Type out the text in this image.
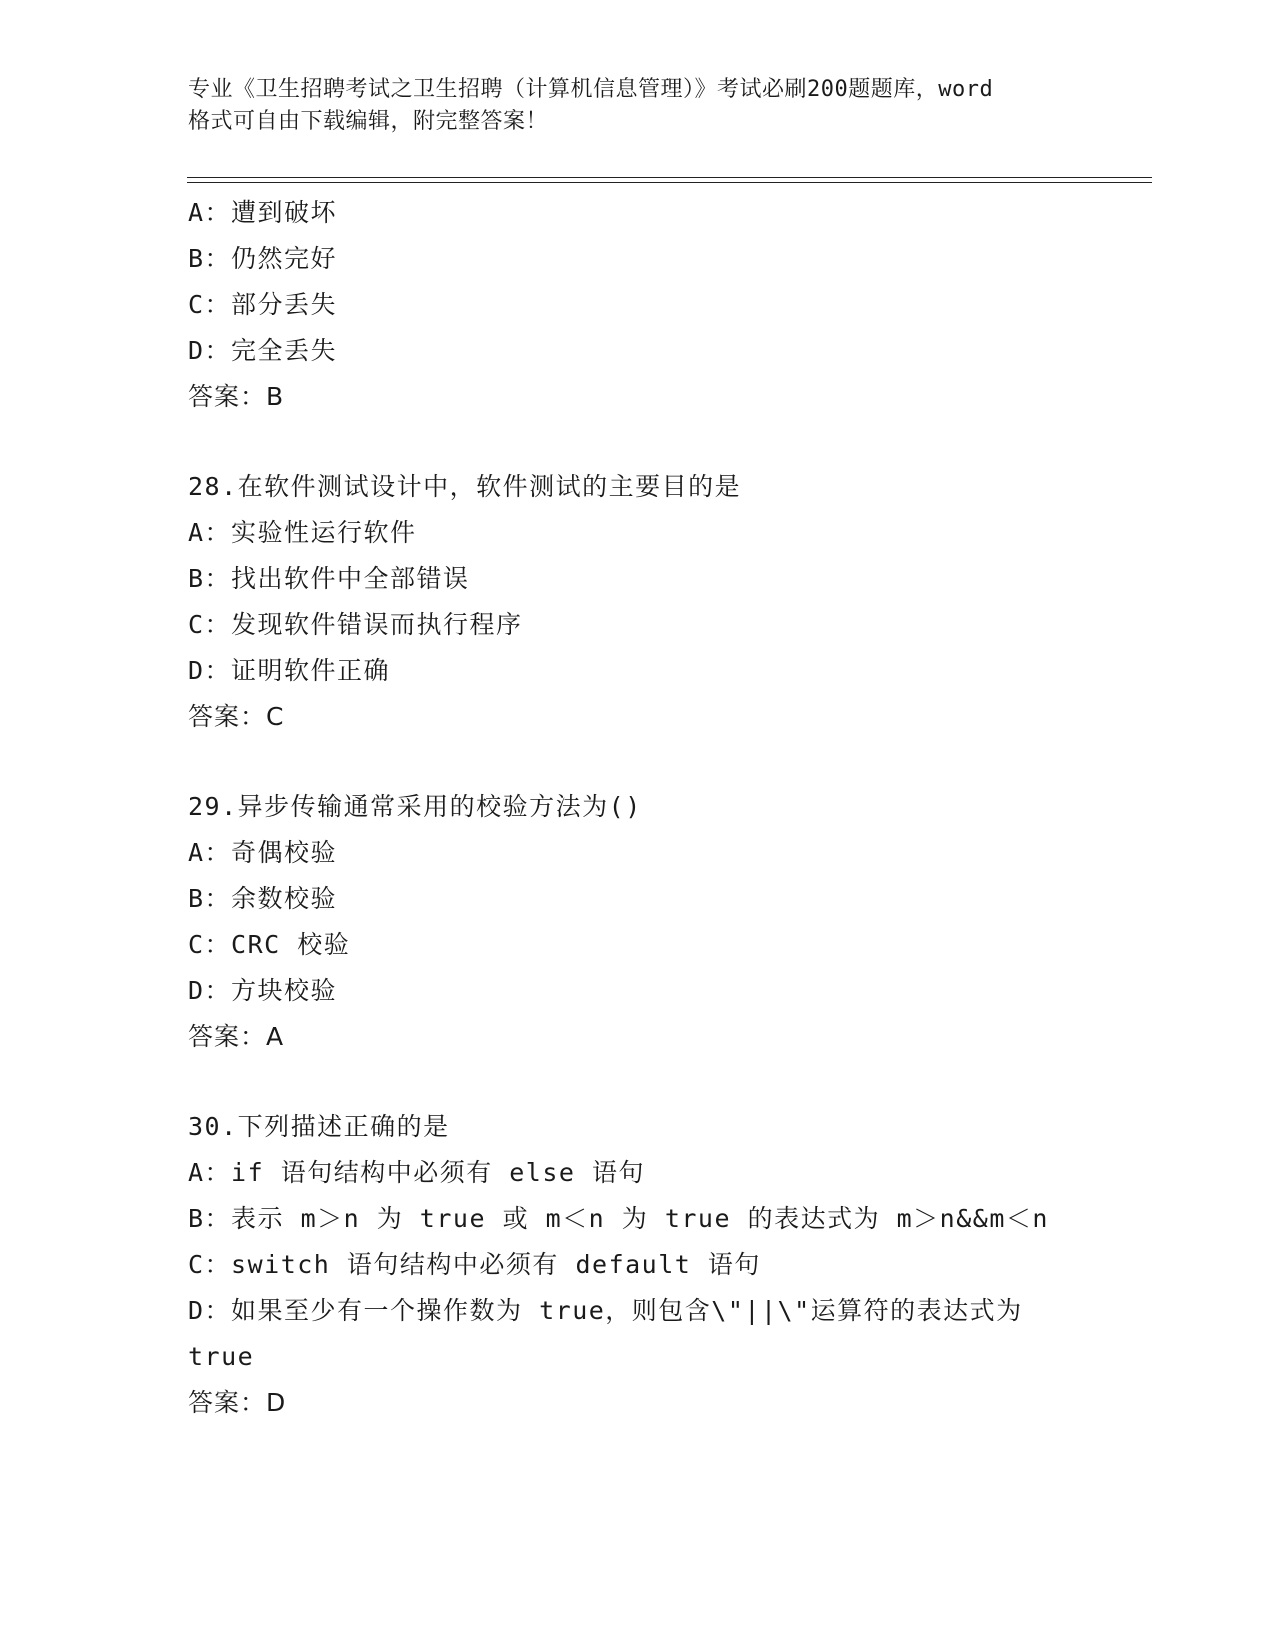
专业《卫生招聘考试之卫生招聘（计算机信息管理）》考试必刷200题题库，word
格式可自由下载编辑，附完整答案！
A：遭到破坏
B：仍然完好
C：部分丢失
D：完全丢失
答案：B
28.在软件测试设计中，软件测试的主要目的是
A：实验性运行软件
B：找出软件中全部错误
C：发现软件错误而执行程序
D：证明软件正确
答案：C
29.异步传输通常采用的校验方法为()
A：奇偶校验
B：余数校验
C：CRC 校验
D：方块校验
答案：A
30.下列描述正确的是
A：if 语句结构中必须有 else 语句
B：表示 m＞n 为 true 或 m＜n 为 true 的表达式为 m＞n&&m＜n
C：switch 语句结构中必须有 default 语句
D：如果至少有一个操作数为 true，则包含\"||\"运算符的表达式为
true
答案：D
